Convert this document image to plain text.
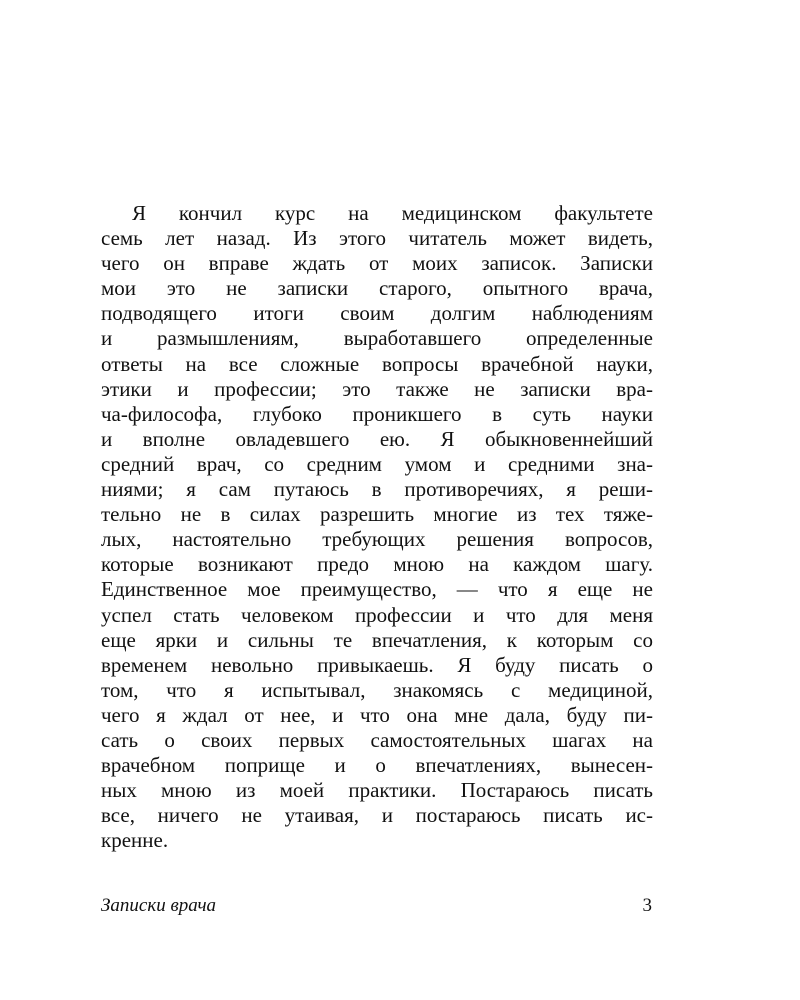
Я кончил курс на медицинском факультете
семь лет назад. Из этого читатель может видеть,
чего он вправе ждать от моих записок. Записки
мои это не записки старого, опытного врача,
подводящего итоги своим долгим наблюдениям
и размышлениям, выработавшего определенные
ответы на все сложные вопросы врачебной науки,
этики и профессии; это также не записки вра-
ча-философа, глубоко проникшего в суть науки
и вполне овладевшего ею. Я обыкновеннейший
средний врач, со средним умом и средними зна-
ниями; я сам путаюсь в противоречиях, я реши-
тельно не в силах разрешить многие из тех тяже-
лых, настоятельно требующих решения вопросов,
которые возникают предо мною на каждом шагу.
Единственное мое преимущество, — что я еще не
успел стать человеком профессии и что для меня
еще ярки и сильны те впечатления, к которым со
временем невольно привыкаешь. Я буду писать о
том, что я испытывал, знакомясь с медициной,
чего я ждал от нее, и что она мне дала, буду пи-
сать о своих первых самостоятельных шагах на
врачебном поприще и о впечатлениях, вынесен-
ных мною из моей практики. Постараюсь писать
все, ничего не утаивая, и постараюсь писать ис-
кренне.
Записки врача	3
